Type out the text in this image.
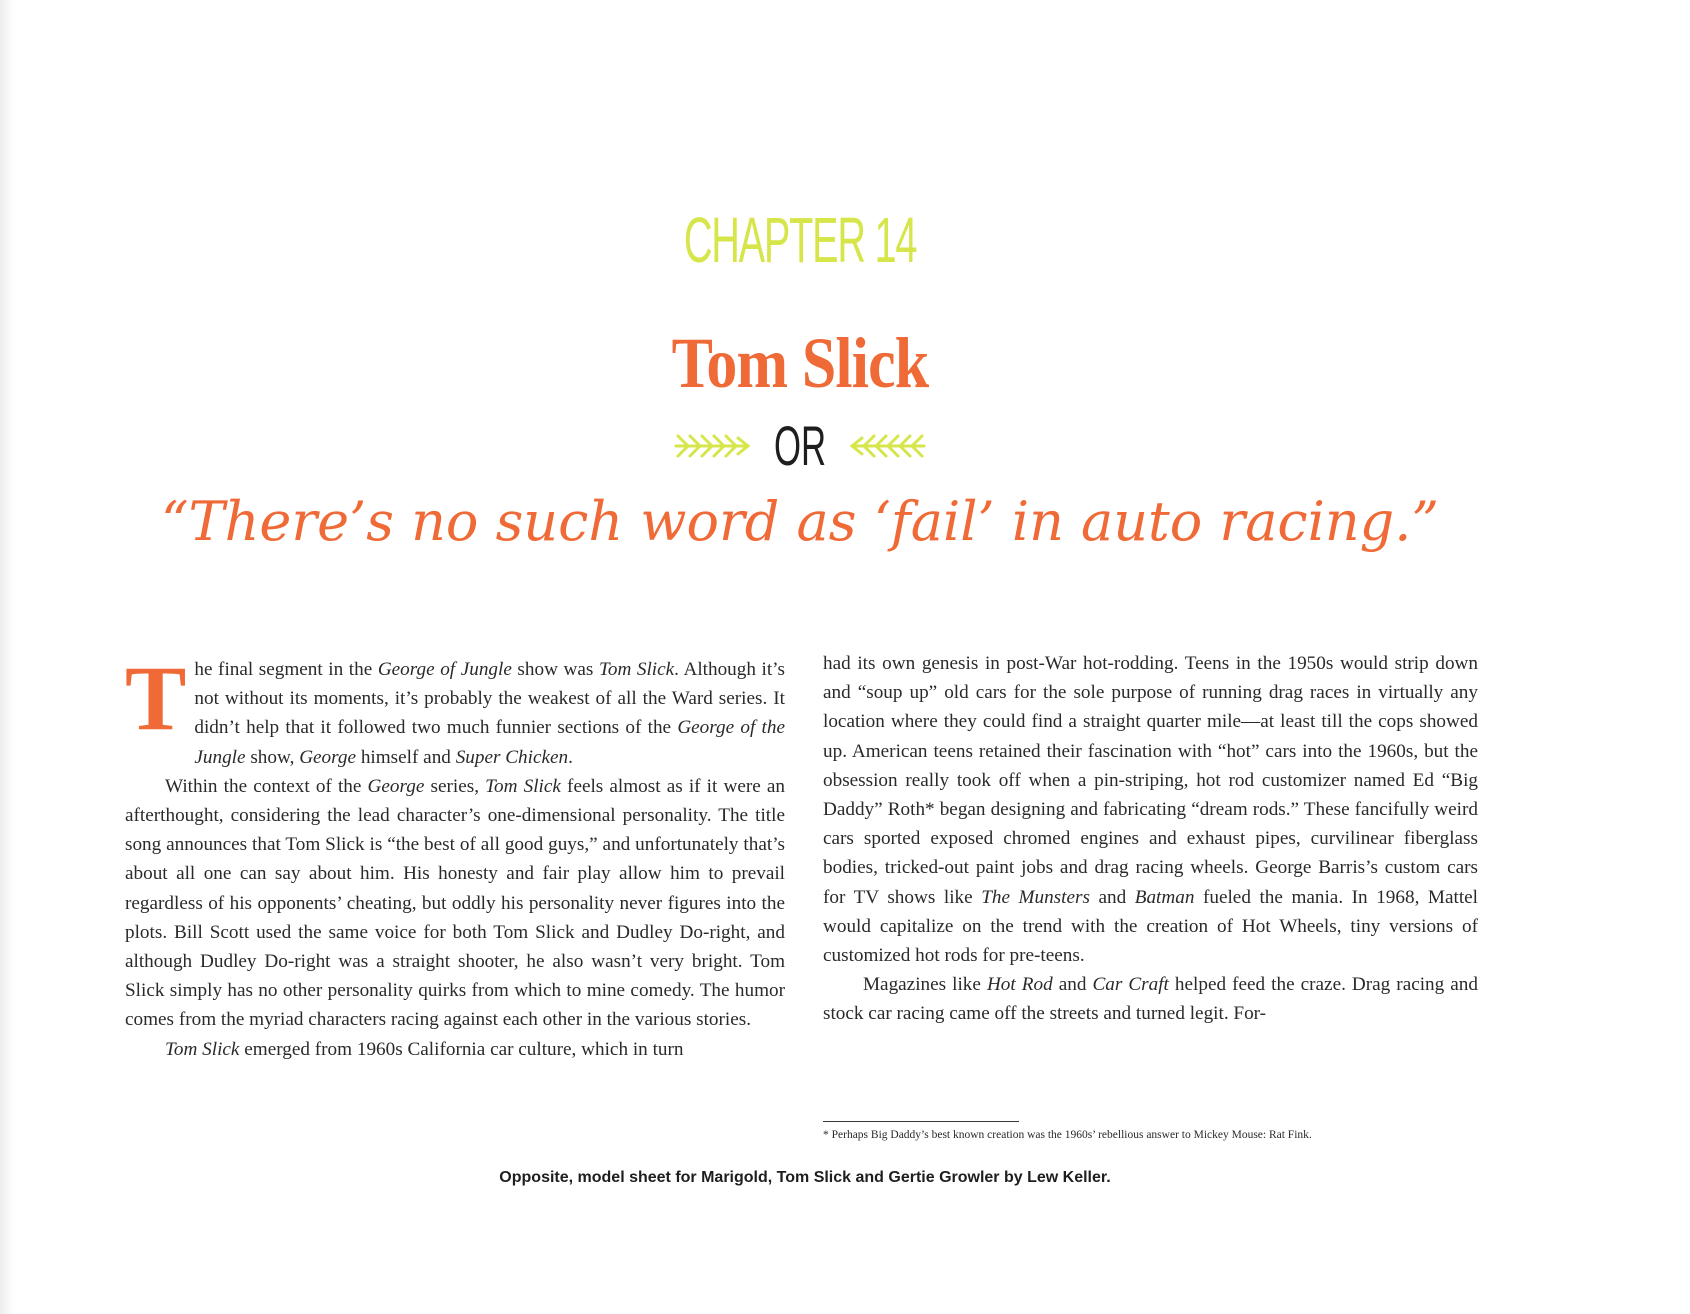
CHAPTER 14
Tom Slick
OR
“There’s no such word as ‘fail’ in auto racing.”

The final segment in the George of Jungle show was Tom Slick. Although it’s not without its moments, it’s probably the weakest of all the Ward series. It didn’t help that it followed two much funnier sections of the George of the Jungle show, George himself and Super Chicken.

Within the context of the George series, Tom Slick feels almost as if it were an afterthought, considering the lead character’s one-dimensional personality. The title song announces that Tom Slick is “the best of all good guys,” and unfortunately that’s about all one can say about him. His honesty and fair play allow him to prevail regardless of his opponents’ cheating, but oddly his personality never figures into the plots. Bill Scott used the same voice for both Tom Slick and Dudley Do-right, and although Dudley Do-right was a straight shooter, he also wasn’t very bright. Tom Slick simply has no other personality quirks from which to mine comedy. The humor comes from the myriad characters racing against each other in the various stories.

Tom Slick emerged from 1960s California car culture, which in turn

had its own genesis in post-War hot-rodding. Teens in the 1950s would strip down and “soup up” old cars for the sole purpose of running drag races in virtually any location where they could find a straight quarter mile—at least till the cops showed up. American teens retained their fascination with “hot” cars into the 1960s, but the obsession really took off when a pin-striping, hot rod customizer named Ed “Big Daddy” Roth* began designing and fabricating “dream rods.” These fancifully weird cars sported exposed chromed engines and exhaust pipes, curvilinear fiberglass bodies, tricked-out paint jobs and drag racing wheels. George Barris’s custom cars for TV shows like The Munsters and Batman fueled the mania. In 1968, Mattel would capitalize on the trend with the creation of Hot Wheels, tiny versions of customized hot rods for pre-teens.

Magazines like Hot Rod and Car Craft helped feed the craze. Drag racing and stock car racing came off the streets and turned legit. For-

* Perhaps Big Daddy’s best known creation was the 1960s’ rebellious answer to Mickey Mouse: Rat Fink.
Opposite, model sheet for Marigold, Tom Slick and Gertie Growler by Lew Keller.
